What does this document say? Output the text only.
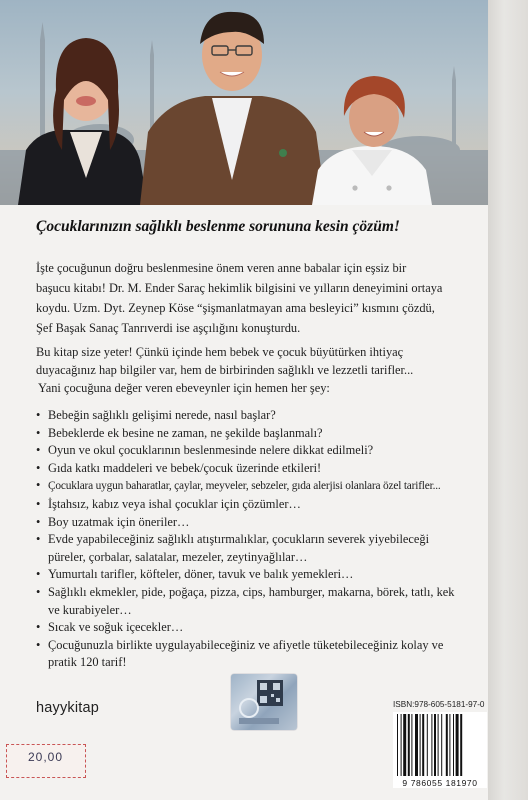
Çocuklarınızın sağlıklı beslenme sorununa kesin çözüm!

İşte çocuğunun doğru beslenmesine önem veren anne babalar için eşsiz bir

başucu kitabı! Dr. M. Ender Saraç hekimlik bilgisini ve yılların deneyimini ortaya

koydu. Uzm. Dyt. Zeynep Köse “şişmanlatmayan ama besleyici” kısmını çözdü,

Şef Başak Sanaç Tanrıverdi ise aşçılığını konuşturdu.

Bu kitap size yeter! Çünkü içinde hem bebek ve çocuk büyütürken ihtiyaç

duyacağınız hap bilgiler var, hem de birbirinden sağlıklı ve lezzetli tarifler...

Yani çocuğuna değer veren ebeveynler için hemen her şey:

• Bebeğin sağlıklı gelişimi nerede, nasıl başlar?
• Bebeklerde ek besine ne zaman, ne şekilde başlanmalı?
• Oyun ve okul çocuklarının beslenmesinde nelere dikkat edilmeli?
• Gıda katkı maddeleri ve bebek/çocuk üzerinde etkileri!
• Çocuklara uygun baharatlar, çaylar, meyveler, sebzeler, gıda alerjisi olanlara özel tarifler...
• İştahsız, kabız veya ishal çocuklar için çözümler…
• Boy uzatmak için öneriler…
• Evde yapabileceğiniz sağlıklı atıştırmalıklar, çocukların severek yiyebileceği
püreler, çorbalar, salatalar, mezeler, zeytinyağlılar…
• Yumurtalı tarifler, köfteler, döner, tavuk ve balık yemekleri…
• Sağlıklı ekmekler, pide, poğaça, pizza, cips, hamburger, makarna, börek, tatlı, kek
ve kurabiyeler…
• Sıcak ve soğuk içecekler…
• Çocuğunuzla birlikte uygulayabileceğiniz ve afiyetle tüketebileceğiniz kolay ve
pratik 120 tarif!
hayykitap	ISBN:978-605-5181-97-0
9 786055 181970
20,00
